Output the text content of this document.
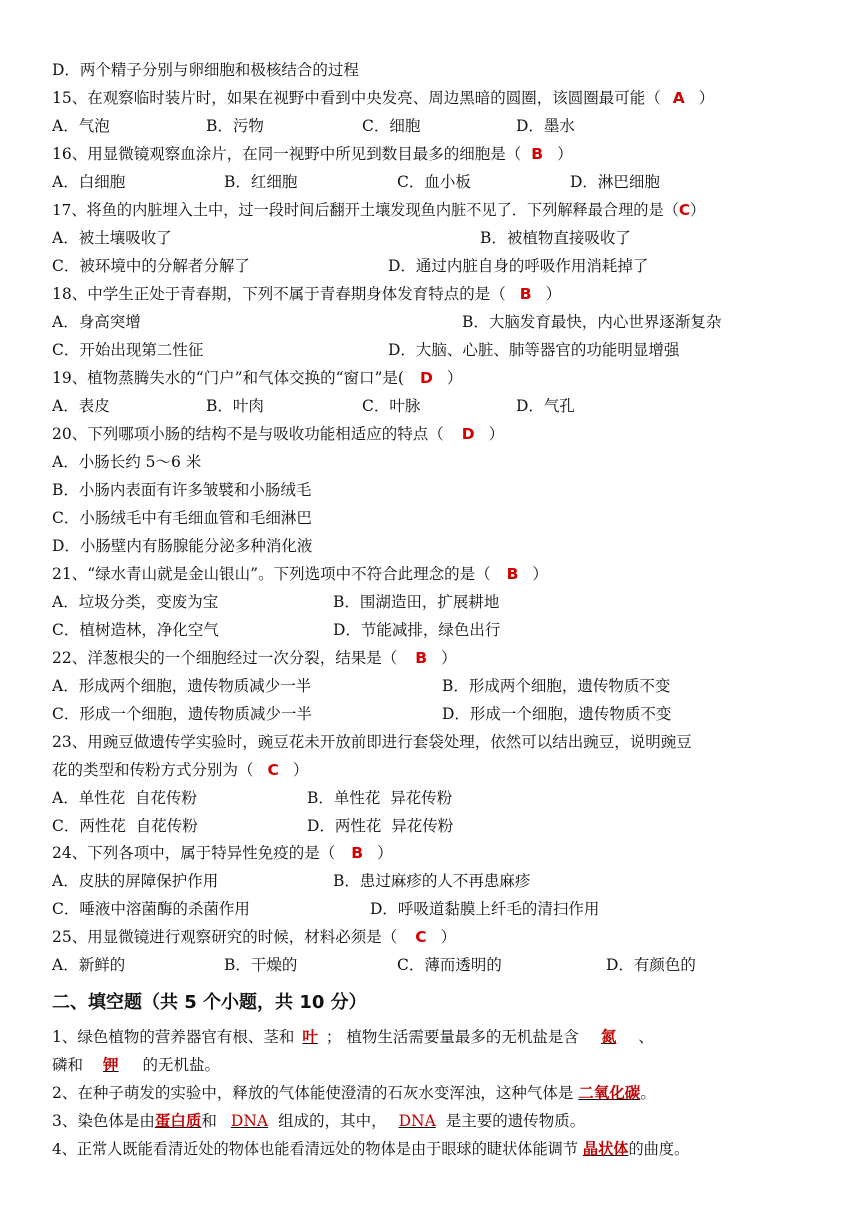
D．两个精子分别与卵细胞和极核结合的过程
15、在观察临时装片时，如果在视野中看到中央发亮、周边黑暗的圆圈，该圆圈最可能（ A ）
A．气泡	B．污物	C．细胞	D．墨水
16、用显微镜观察血涂片，在同一视野中所见到数目最多的细胞是（ B ）
A．白细胞	B．红细胞	C．血小板	D．淋巴细胞
17、将鱼的内脏埋入土中，过一段时间后翻开土壤发现鱼内脏不见了．下列解释最合理的是（C）
A．被土壤吸收了	B．被植物直接吸收了
C．被环境中的分解者分解了	D．通过内脏自身的呼吸作用消耗掉了
18、中学生正处于青春期，下列不属于青春期身体发育特点的是（ B ）
A．身高突增	B．大脑发育最快，内心世界逐渐复杂
C．开始出现第二性征	D．大脑、心脏、肺等器官的功能明显增强
19、植物蒸腾失水的“门户”和气体交换的“窗口”是( D ）
A．表皮	B．叶肉	C．叶脉	D．气孔
20、下列哪项小肠的结构不是与吸收功能相适应的特点（ D ）
A．小肠长约 5～6 米
B．小肠内表面有许多皱襞和小肠绒毛
C．小肠绒毛中有毛细血管和毛细淋巴
D．小肠壁内有肠腺能分泌多种消化液
21、“绿水青山就是金山银山”。下列选项中不符合此理念的是（ B ）
A．垃圾分类，变废为宝	B．围湖造田，扩展耕地
C．植树造林，净化空气	D．节能减排，绿色出行
22、洋葱根尖的一个细胞经过一次分裂，结果是（ B ）
A．形成两个细胞，遗传物质减少一半	B．形成两个细胞，遗传物质不变
C．形成一个细胞，遗传物质减少一半	D．形成一个细胞，遗传物质不变
23、用豌豆做遗传学实验时，豌豆花未开放前即进行套袋处理，依然可以结出豌豆，说明豌豆
花的类型和传粉方式分别为（ C ）
A．单性花  自花传粉	B．单性花  异花传粉
C．两性花  自花传粉	D．两性花  异花传粉
24、下列各项中，属于特异性免疫的是（ B ）
A．皮肤的屏障保护作用	B．患过麻疹的人不再患麻疹
C．唾液中溶菌酶的杀菌作用	D．呼吸道黏膜上纤毛的清扫作用
25、用显微镜进行观察研究的时候，材料必须是（ C ）
A．新鲜的	B．干燥的	C．薄而透明的	D．有颜色的
二、填空题（共 5 个小题，共 10 分）
1、绿色植物的营养器官有根、茎和 叶 ； 植物生活需要量最多的无机盐是含 氮 、
磷和 钾 的无机盐。
2、在种子萌发的实验中，释放的气体能使澄清的石灰水变浑浊，这种气体是 二氧化碳。
3、染色体是由蛋白质和 DNA 组成的，其中， DNA 是主要的遗传物质。
4、正常人既能看清近处的物体也能看清远处的物体是由于眼球的睫状体能调节 晶状体的曲度。
